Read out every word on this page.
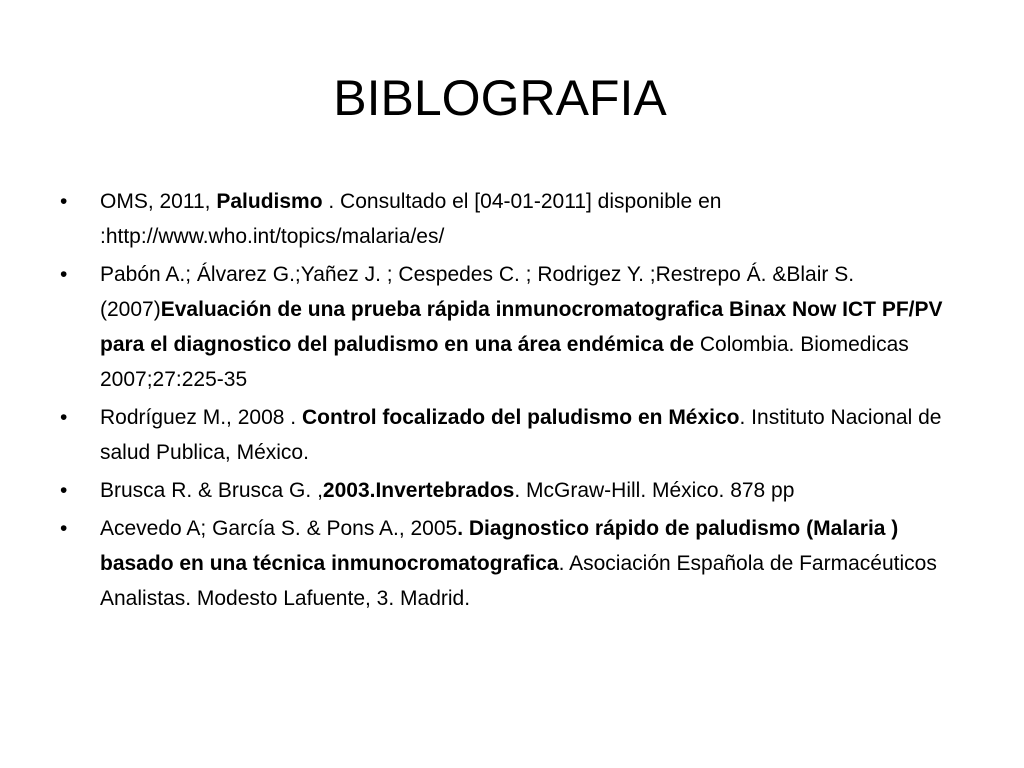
BIBLOGRAFIA
•	OMS, 2011, Paludismo . Consultado el [04-01-2011] disponible en :http://www.who.int/topics/malaria/es/
•	Pabón A.; Álvarez G.;Yañez J. ; Cespedes C. ; Rodrigez Y. ;Restrepo Á. &Blair S. (2007)Evaluación de una prueba rápida inmunocromatografica Binax Now ICT PF/PV para el diagnostico del paludismo en una área endémica de Colombia. Biomedicas 2007;27:225-35
•	Rodríguez M., 2008 . Control focalizado del paludismo en México. Instituto Nacional de salud Publica, México.
•	Brusca R. & Brusca G. ,2003.Invertebrados. McGraw-Hill. México. 878 pp
•	Acevedo A; García S. & Pons A., 2005. Diagnostico rápido de paludismo (Malaria ) basado en una técnica inmunocromatografica. Asociación Española de Farmacéuticos Analistas. Modesto Lafuente, 3. Madrid.
